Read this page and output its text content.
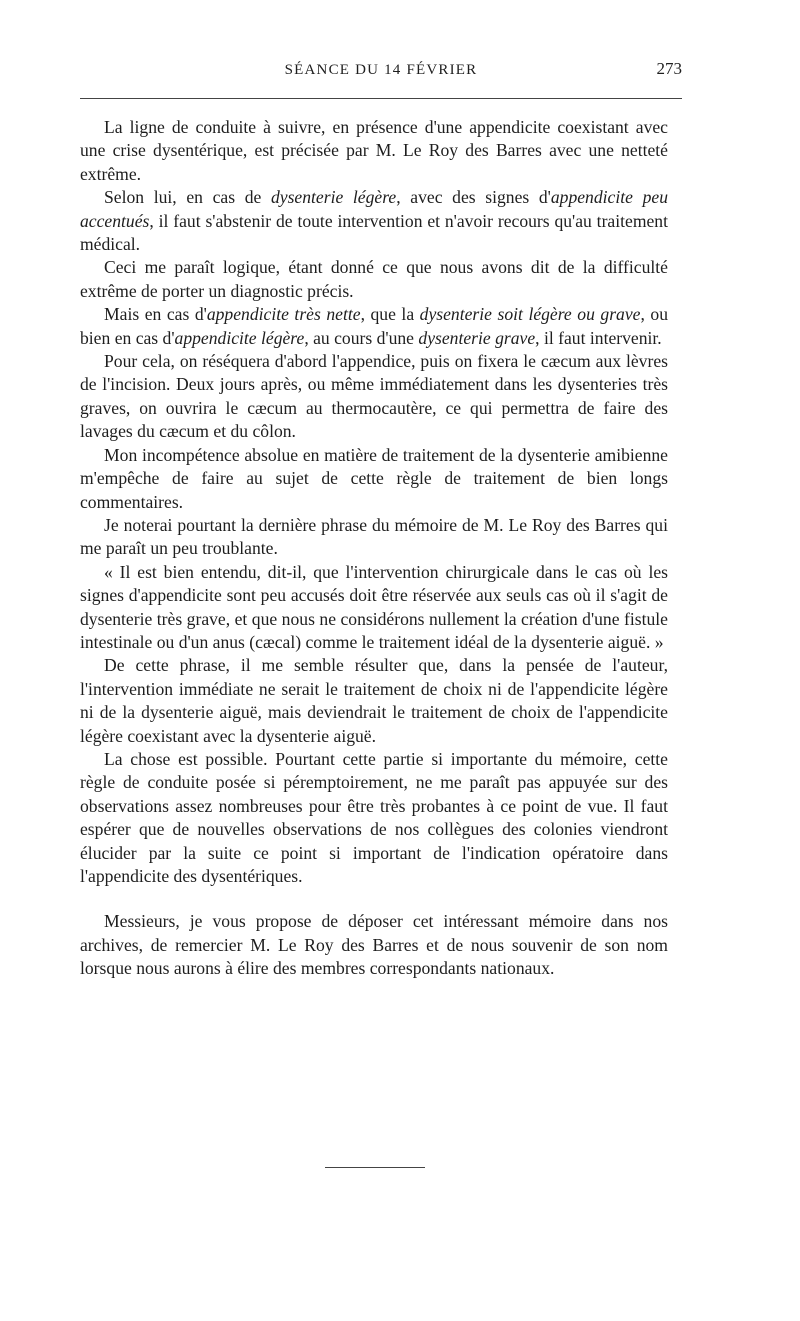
SÉANCE DU 14 FÉVRIER	273

La ligne de conduite à suivre, en présence d'une appendicite coexistant avec une crise dysentérique, est précisée par M. Le Roy des Barres avec une netteté extrême.

Selon lui, en cas de dysenterie légère, avec des signes d'appendicite peu accentués, il faut s'abstenir de toute intervention et n'avoir recours qu'au traitement médical.

Ceci me paraît logique, étant donné ce que nous avons dit de la difficulté extrême de porter un diagnostic précis.

Mais en cas d'appendicite très nette, que la dysenterie soit légère ou grave, ou bien en cas d'appendicite légère, au cours d'une dysenterie grave, il faut intervenir.

Pour cela, on réséquera d'abord l'appendice, puis on fixera le cæcum aux lèvres de l'incision. Deux jours après, ou même immédiatement dans les dysenteries très graves, on ouvrira le cæcum au thermocautère, ce qui permettra de faire des lavages du cæcum et du côlon.

Mon incompétence absolue en matière de traitement de la dysenterie amibienne m'empêche de faire au sujet de cette règle de traitement de bien longs commentaires.

Je noterai pourtant la dernière phrase du mémoire de M. Le Roy des Barres qui me paraît un peu troublante.

« Il est bien entendu, dit-il, que l'intervention chirurgicale dans le cas où les signes d'appendicite sont peu accusés doit être réservée aux seuls cas où il s'agit de dysenterie très grave, et que nous ne considérons nullement la création d'une fistule intestinale ou d'un anus (cæcal) comme le traitement idéal de la dysenterie aiguë. »

De cette phrase, il me semble résulter que, dans la pensée de l'auteur, l'intervention immédiate ne serait le traitement de choix ni de l'appendicite légère ni de la dysenterie aiguë, mais deviendrait le traitement de choix de l'appendicite légère coexistant avec la dysenterie aiguë.

La chose est possible. Pourtant cette partie si importante du mémoire, cette règle de conduite posée si péremptoirement, ne me paraît pas appuyée sur des observations assez nombreuses pour être très probantes à ce point de vue. Il faut espérer que de nouvelles observations de nos collègues des colonies viendront élucider par la suite ce point si important de l'indication opératoire dans l'appendicite des dysentériques.

Messieurs, je vous propose de déposer cet intéressant mémoire dans nos archives, de remercier M. Le Roy des Barres et de nous souvenir de son nom lorsque nous aurons à élire des membres correspondants nationaux.
